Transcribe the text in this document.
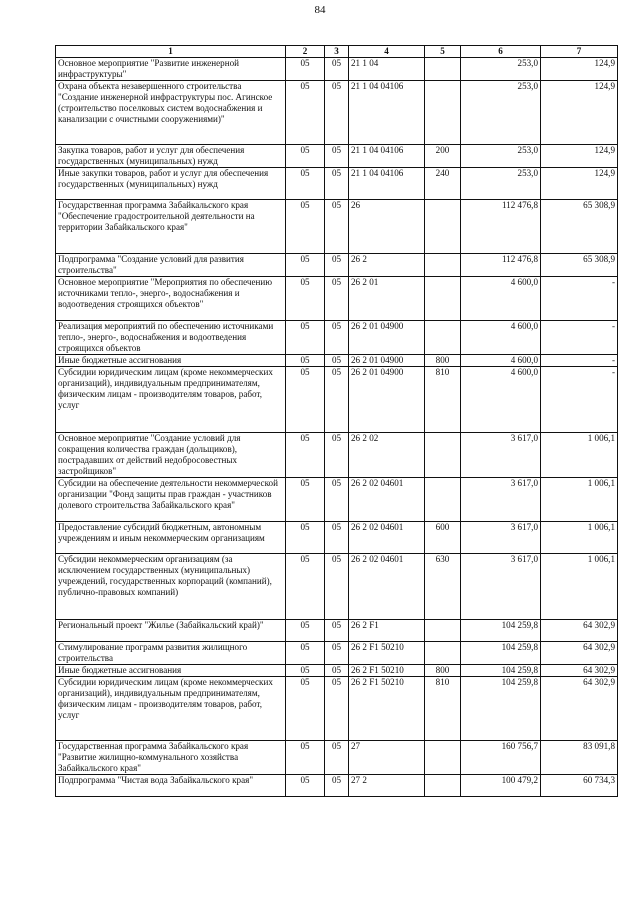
84
1	2	3	4	5	6	7
Основное мероприятие "Развитие инженерной инфраструктуры"	05	05	21 1 04		253,0	124,9
Охрана объекта незавершенного строительства "Создание инженерной инфраструктуры пос. Агинское (строительство поселковых систем водоснабжения и канализации с очистными сооружениями)"	05	05	21 1 04 04106		253,0	124,9
Закупка товаров, работ и услуг для обеспечения государственных (муниципальных) нужд	05	05	21 1 04 04106	200	253,0	124,9
Иные закупки товаров, работ и услуг для обеспечения государственных (муниципальных) нужд	05	05	21 1 04 04106	240	253,0	124,9
Государственная программа Забайкальского края "Обеспечение градостроительной деятельности на территории Забайкальского края"	05	05	26		112 476,8	65 308,9
Подпрограмма "Создание условий для развития строительства"	05	05	26 2		112 476,8	65 308,9
Основное мероприятие "Мероприятия по обеспечению источниками тепло-, энерго-, водоснабжения и водоотведения строящихся объектов"	05	05	26 2 01		4 600,0	-
Реализация мероприятий по обеспечению источниками тепло-, энерго-, водоснабжения и водоотведения строящихся объектов	05	05	26 2 01 04900		4 600,0	-
Иные бюджетные ассигнования	05	05	26 2 01 04900	800	4 600,0	-
Субсидии юридическим лицам (кроме некоммерческих организаций), индивидуальным предпринимателям, физическим лицам - производителям товаров, работ, услуг	05	05	26 2 01 04900	810	4 600,0	-
Основное мероприятие "Создание условий для сокращения количества граждан (дольщиков), пострадавших от действий недобросовестных застройщиков"	05	05	26 2 02		3 617,0	1 006,1
Субсидии на обеспечение деятельности некоммерческой организации "Фонд защиты прав граждан - участников долевого строительства Забайкальского края"	05	05	26 2 02 04601		3 617,0	1 006,1
Предоставление субсидий бюджетным, автономным учреждениям и иным некоммерческим организациям	05	05	26 2 02 04601	600	3 617,0	1 006,1
Субсидии некоммерческим организациям (за исключением государственных (муниципальных) учреждений, государственных корпораций (компаний), публично-правовых компаний)	05	05	26 2 02 04601	630	3 617,0	1 006,1
Региональный проект "Жилье (Забайкальский край)"	05	05	26 2 F1		104 259,8	64 302,9
Стимулирование программ развития жилищного строительства	05	05	26 2 F1 50210		104 259,8	64 302,9
Иные бюджетные ассигнования	05	05	26 2 F1 50210	800	104 259,8	64 302,9
Субсидии юридическим лицам (кроме некоммерческих организаций), индивидуальным предпринимателям, физическим лицам - производителям товаров, работ, услуг	05	05	26 2 F1 50210	810	104 259,8	64 302,9
Государственная программа Забайкальского края "Развитие жилищно-коммунального хозяйства Забайкальского края"	05	05	27		160 756,7	83 091,8
Подпрограмма "Чистая вода Забайкальского края"	05	05	27 2		100 479,2	60 734,3
